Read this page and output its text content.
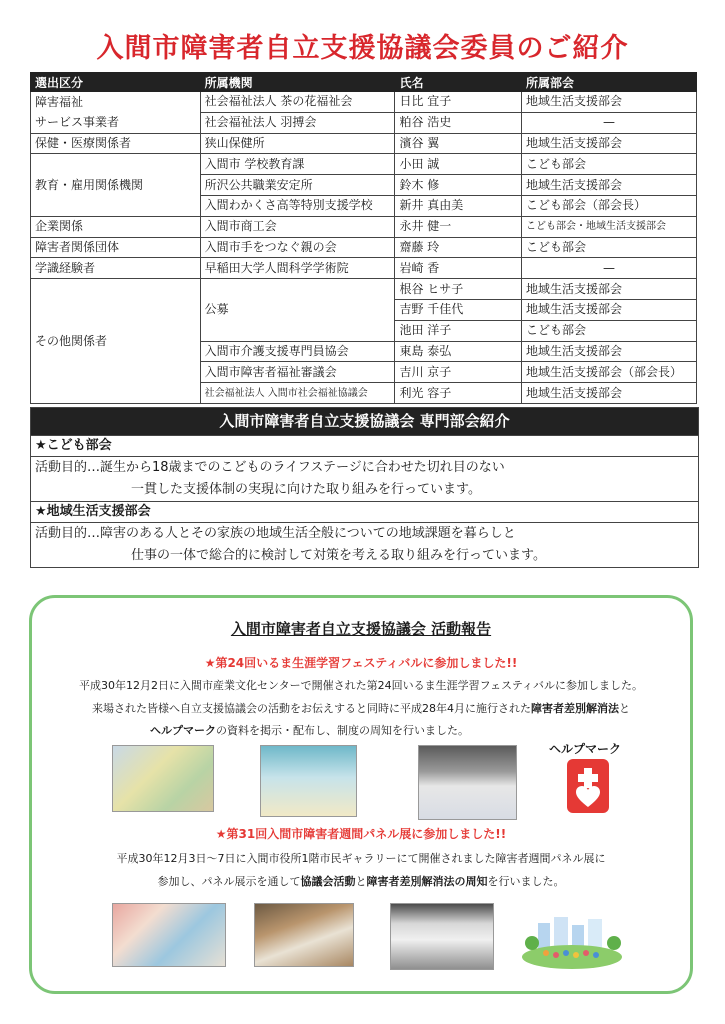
入間市障害者自立支援協議会委員のご紹介
選出区分	所属機関	氏名	所属部会
障害福祉	社会福祉法人 茶の花福祉会	日比 宜子	地域生活支援部会
サービス事業者	社会福祉法人 羽搏会	粕谷 浩史	—
保健・医療関係者	狭山保健所	濱谷 翼	地域生活支援部会
教育・雇用関係機関	入間市 学校教育課	小田 誠	こども部会
	所沢公共職業安定所	鈴木 修	地域生活支援部会
	入間わかくさ高等特別支援学校	新井 真由美	こども部会（部会長）
企業関係	入間市商工会	永井 健一	こども部会・地域生活支援部会
障害者関係団体	入間市手をつなぐ親の会	齋藤 玲	こども部会
学識経験者	早稲田大学人間科学学術院	岩崎 香	—
その他関係者	公募	根谷 ヒサ子	地域生活支援部会
		吉野 千佳代	地域生活支援部会
		池田 洋子	こども部会
	入間市介護支援専門員協会	東島 泰弘	地域生活支援部会
	入間市障害者福祉審議会	吉川 京子	地域生活支援部会（部会長）
	社会福祉法人 入間市社会福祉協議会	利光 容子	地域生活支援部会
入間市障害者自立支援協議会 専門部会紹介
★こども部会
活動目的…誕生から18歳までのこどものライフステージに合わせた切れ目のない
一貫した支援体制の実現に向けた取り組みを行っています。
★地域生活支援部会
活動目的…障害のある人とその家族の地域生活全般についての地域課題を暮らしと
仕事の一体で総合的に検討して対策を考える取り組みを行っています。
入間市障害者自立支援協議会 活動報告
★第24回いるま生涯学習フェスティバルに参加しました!!
平成30年12月2日に入間市産業文化センターで開催された第24回いるま生涯学習フェスティバルに参加しました。
来場された皆様へ自立支援協議会の活動をお伝えすると同時に平成28年4月に施行された障害者差別解消法と
ヘルプマークの資料を掲示・配布し、制度の周知を行いました。
ヘルプマーク
★第31回入間市障害者週間パネル展に参加しました!!
平成30年12月3日～7日に入間市役所1階市民ギャラリーにて開催されました障害者週間パネル展に
参加し、パネル展示を通して協議会活動と障害者差別解消法の周知を行いました。
